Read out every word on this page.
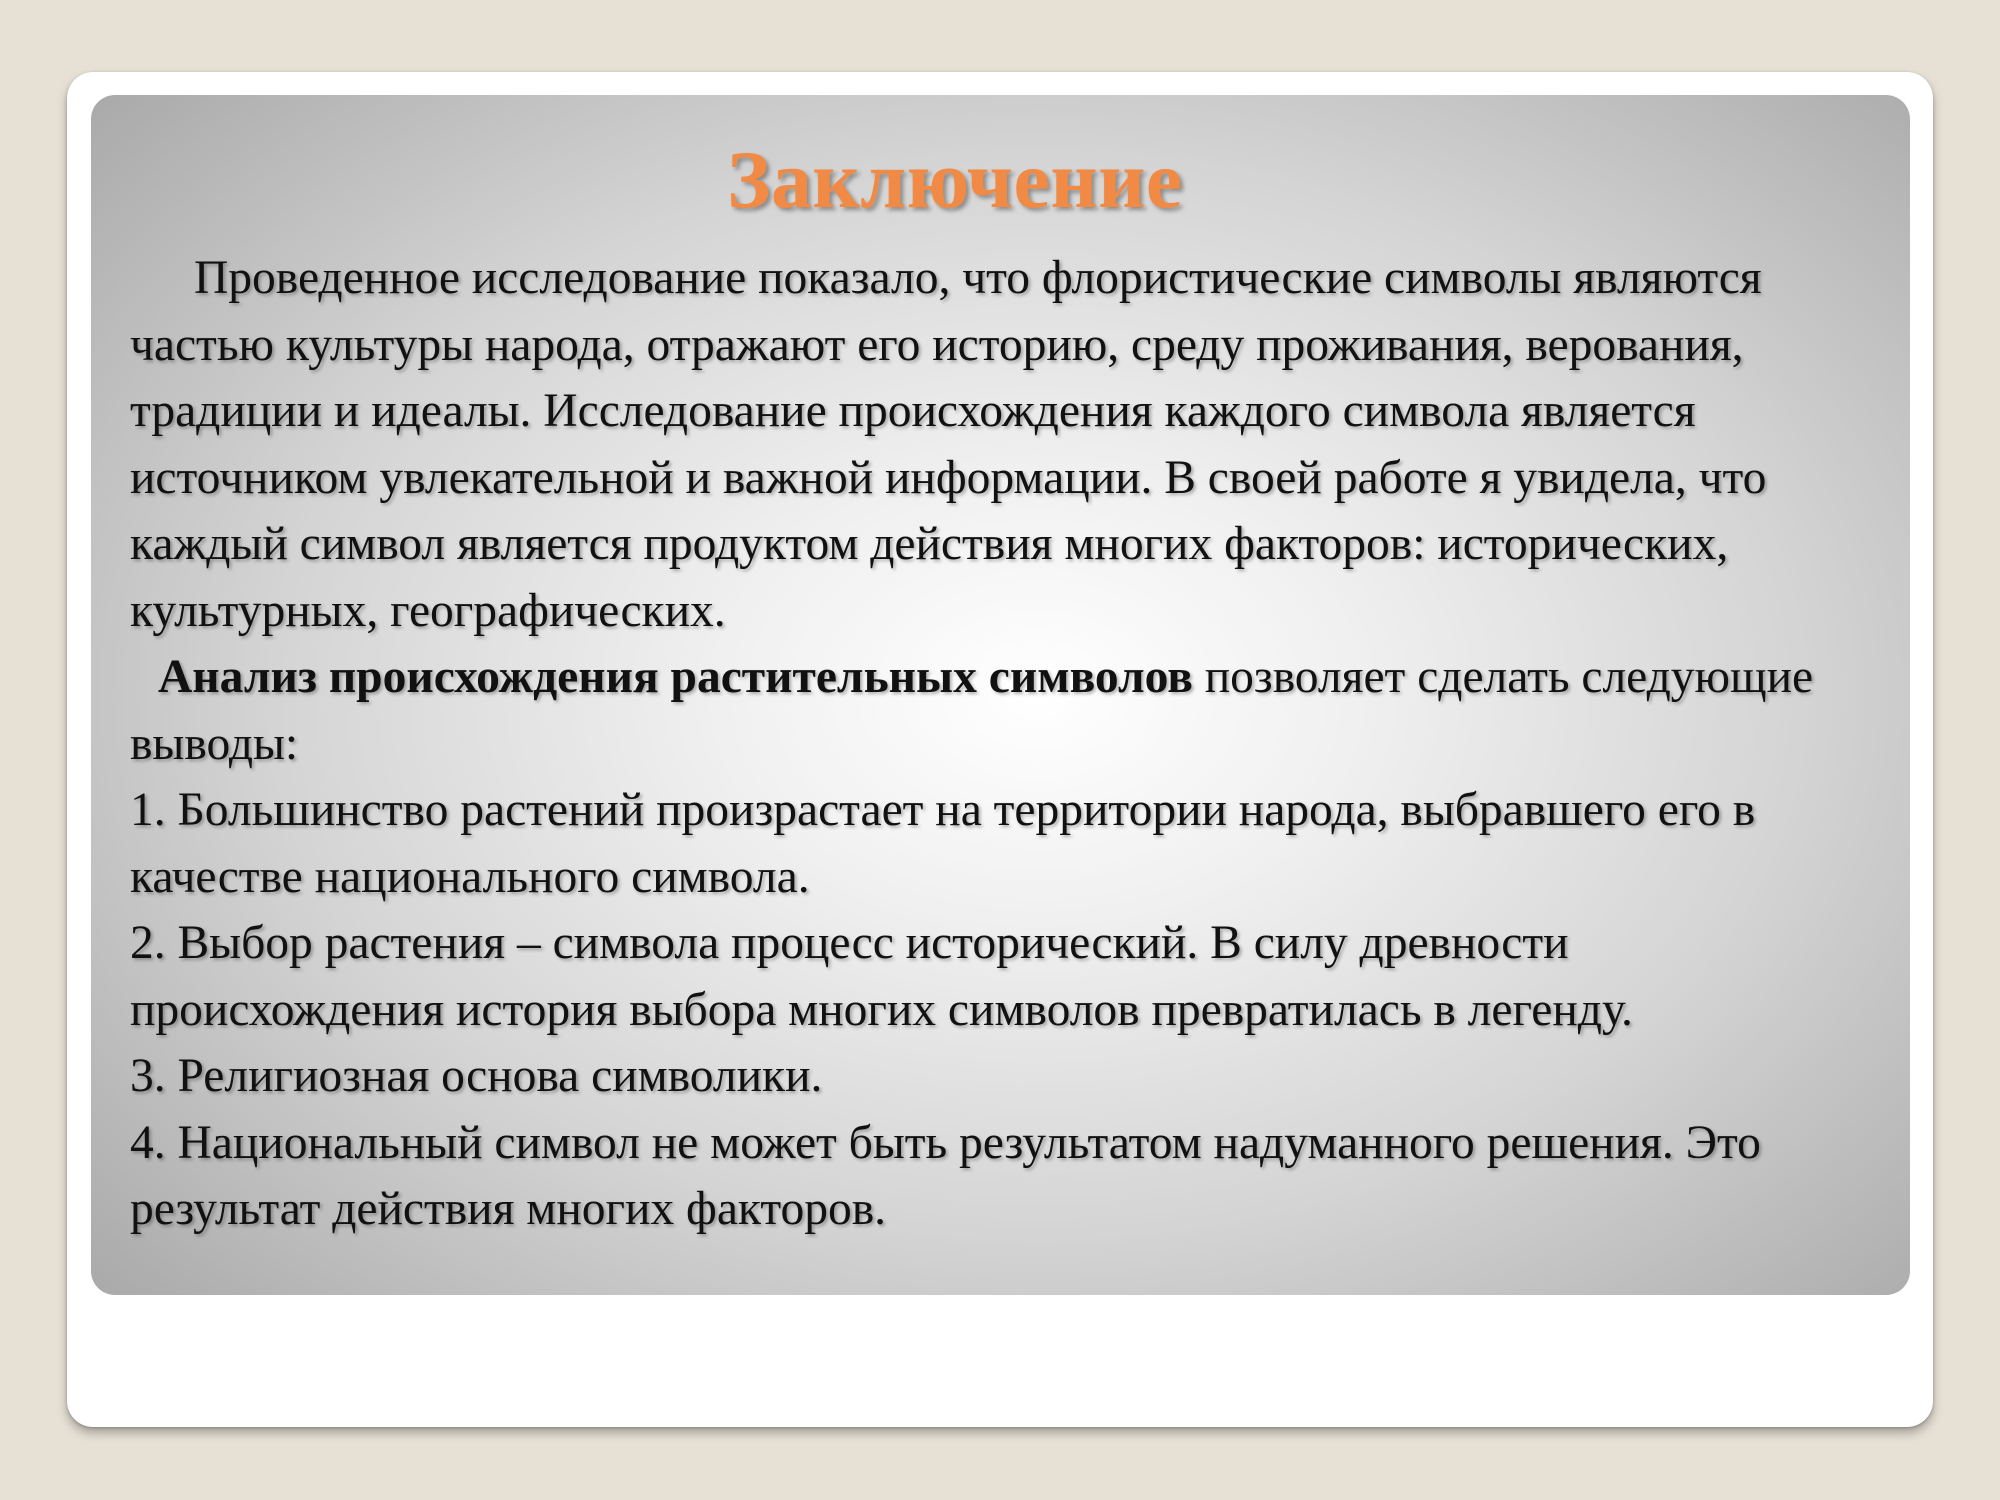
Заключение

Проведенное исследование показало, что флористические символы являются частью культуры народа, отражают его историю, среду проживания, верования, традиции и идеалы. Исследование происхождения каждого символа является источником увлекательной и важной информации. В своей работе я увидела, что каждый символ является продуктом действия многих факторов: исторических, культурных, географических.

Анализ происхождения растительных символов позволяет сделать следующие выводы:

1. Большинство растений произрастает на территории народа, выбравшего его в качестве национального символа.

2. Выбор растения – символа процесс исторический. В силу древности происхождения история выбора многих символов превратилась в легенду.

3. Религиозная основа символики.

4. Национальный символ не может быть результатом надуманного решения. Это результат действия многих факторов.
